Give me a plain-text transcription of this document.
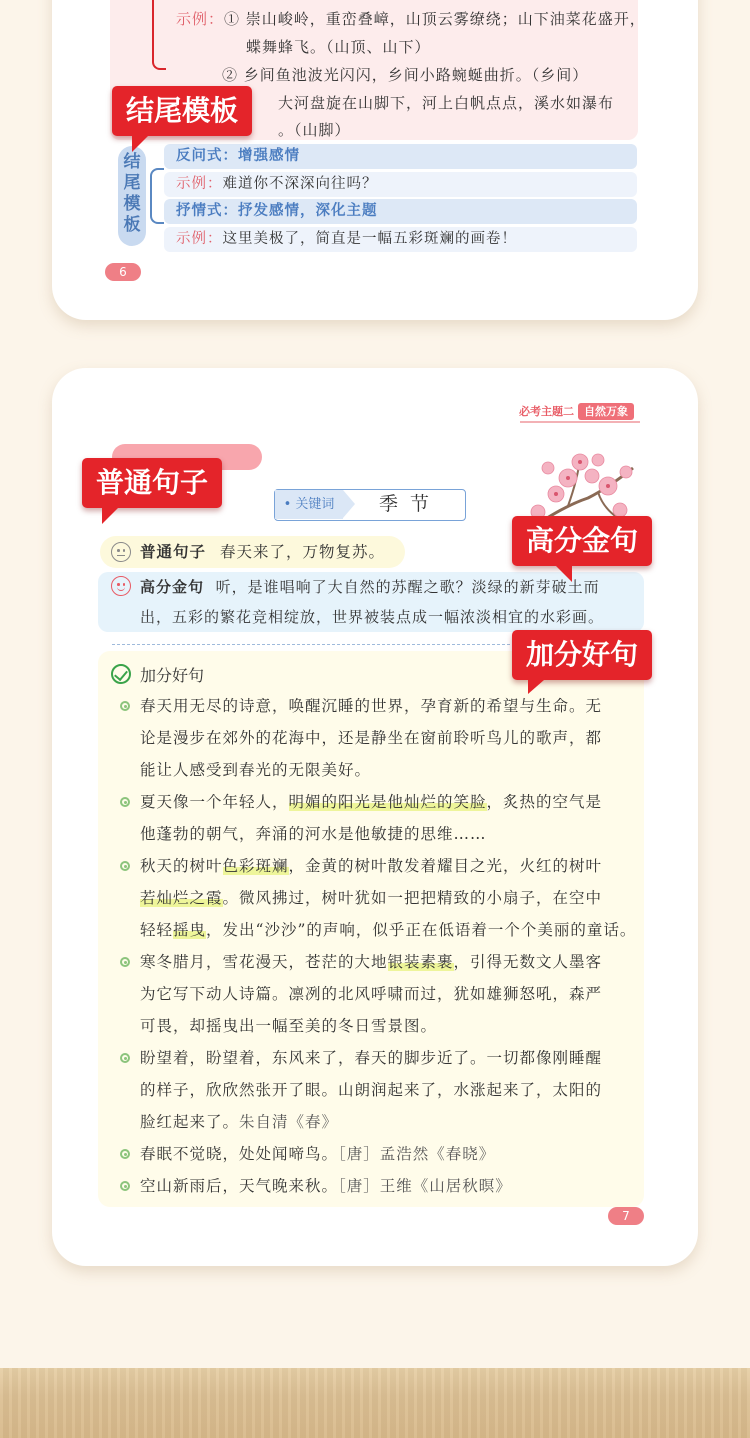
示例：① 崇山峻岭，重峦叠嶂，山顶云雾缭绕；山下油菜花盛开，
蝶舞蜂飞。（山顶、山下）
② 乡间鱼池波光闪闪，乡间小路蜿蜒曲折。（乡间）
大河盘旋在山脚下，河上白帆点点，溪水如瀑布
。（山脚）
结尾模板
结尾模板
反问式：增强感情
示例：难道你不深深向往吗？
抒情式：抒发感情，深化主题
示例：这里美极了，简直是一幅五彩斑斓的画卷！
6
必考主题二 自然万象
普通句子
• 关键词	季节
高分金句
普通句子 春天来了，万物复苏。
高分金句 听，是谁唱响了大自然的苏醒之歌？淡绿的新芽破土而
出，五彩的繁花竞相绽放，世界被装点成一幅浓淡相宜的水彩画。
加分好句
加分好句
春天用无尽的诗意，唤醒沉睡的世界，孕育新的希望与生命。无
论是漫步在郊外的花海中，还是静坐在窗前聆听鸟儿的歌声，都
能让人感受到春光的无限美好。
夏天像一个年轻人，明媚的阳光是他灿烂的笑脸，炙热的空气是
他蓬勃的朝气，奔涌的河水是他敏捷的思维……
秋天的树叶色彩斑斓，金黄的树叶散发着耀目之光，火红的树叶
若灿烂之霞。微风拂过，树叶犹如一把把精致的小扇子，在空中
轻轻摇曳，发出“沙沙”的声响，似乎正在低语着一个个美丽的童话。
寒冬腊月，雪花漫天，苍茫的大地银装素裹，引得无数文人墨客
为它写下动人诗篇。凛冽的北风呼啸而过，犹如雄狮怒吼，森严
可畏，却摇曳出一幅至美的冬日雪景图。
盼望着，盼望着，东风来了，春天的脚步近了。一切都像刚睡醒
的样子，欣欣然张开了眼。山朗润起来了，水涨起来了，太阳的
脸红起来了。朱自清《春》
春眠不觉晓，处处闻啼鸟。［唐］孟浩然《春晓》
空山新雨后，天气晚来秋。［唐］王维《山居秋暝》
7
